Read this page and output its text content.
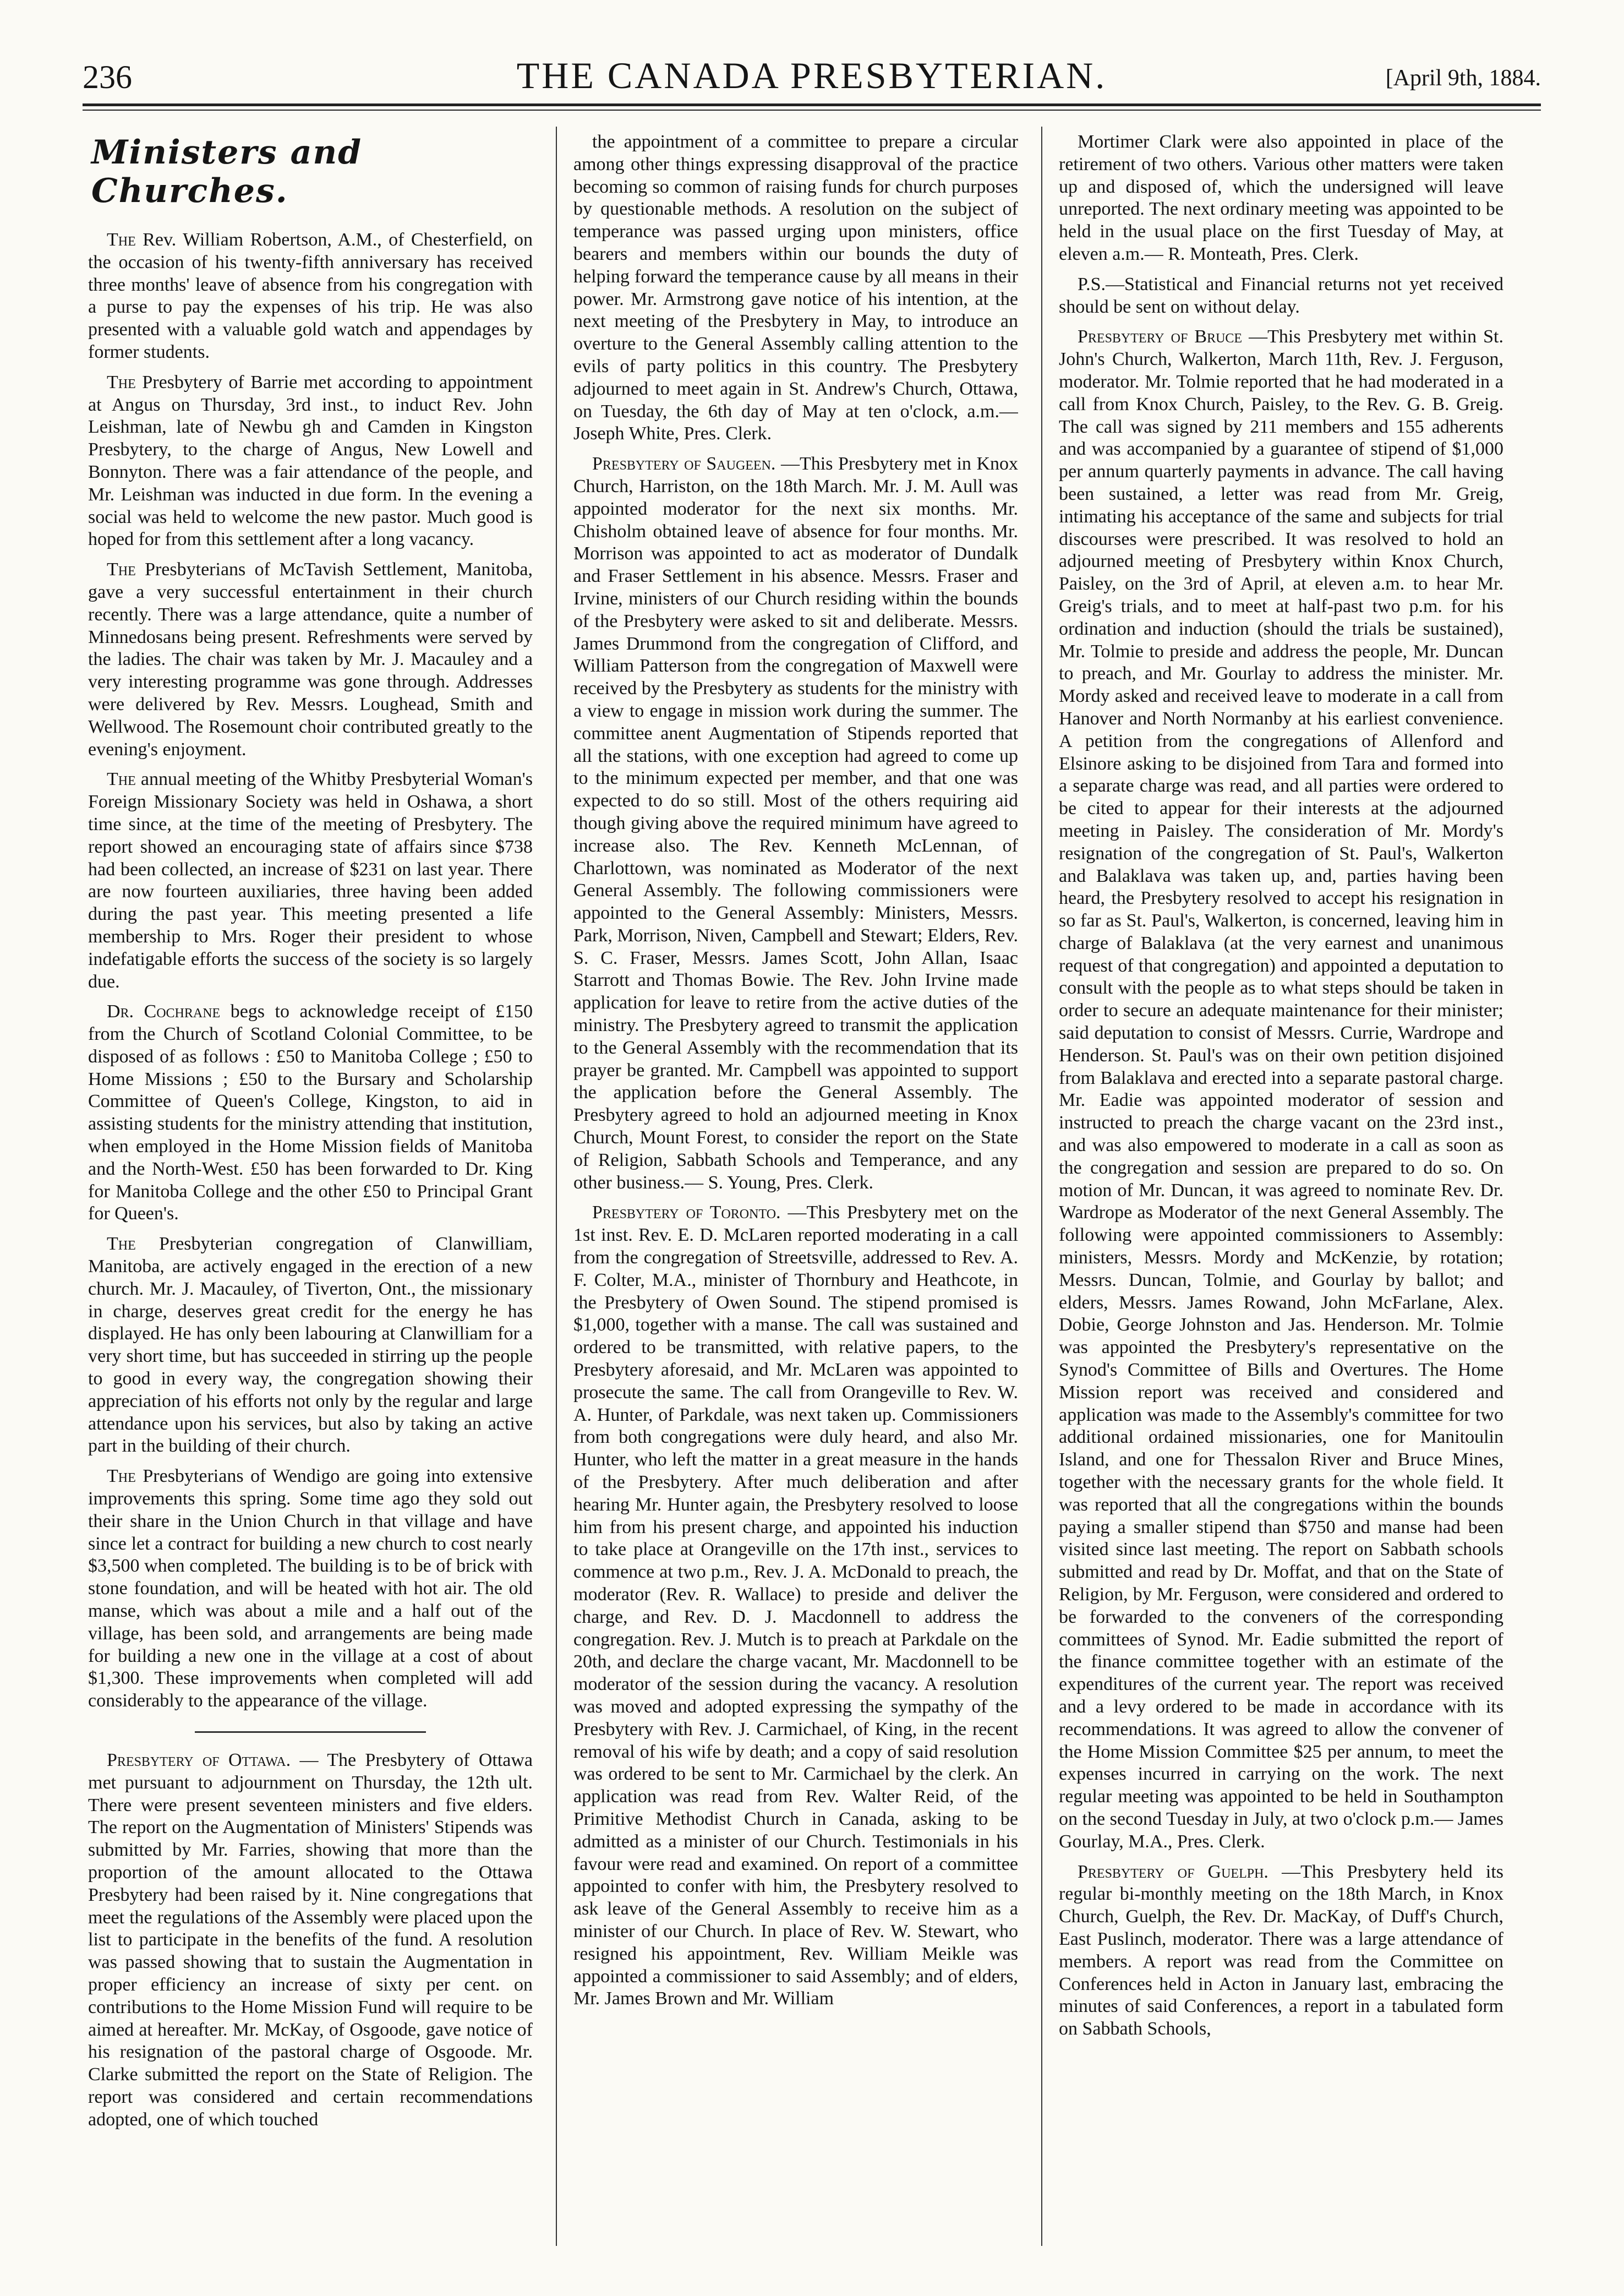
236	THE CANADA PRESBYTERIAN.	[April 9th, 1884.
Ministers and Churches.

The Rev. William Robertson, A.M., of Chesterfield, on the occasion of his twenty-fifth anniversary has received three months' leave of absence from his congregation with a purse to pay the expenses of his trip. He was also presented with a valuable gold watch and appendages by former students.

The Presbytery of Barrie met according to appointment at Angus on Thursday, 3rd inst., to induct Rev. John Leishman, late of Newbu gh and Camden in Kingston Presbytery, to the charge of Angus, New Lowell and Bonnyton. There was a fair attendance of the people, and Mr. Leishman was inducted in due form. In the evening a social was held to welcome the new pastor. Much good is hoped for from this settlement after a long vacancy.

The Presbyterians of McTavish Settlement, Manitoba, gave a very successful entertainment in their church recently. There was a large attendance, quite a number of Minnedosans being present. Refreshments were served by the ladies. The chair was taken by Mr. J. Macauley and a very interesting programme was gone through. Addresses were delivered by Rev. Messrs. Loughead, Smith and Wellwood. The Rosemount choir contributed greatly to the evening's enjoyment.

The annual meeting of the Whitby Presbyterial Woman's Foreign Missionary Society was held in Oshawa, a short time since, at the time of the meeting of Presbytery. The report showed an encouraging state of affairs since $738 had been collected, an increase of $231 on last year. There are now fourteen auxiliaries, three having been added during the past year. This meeting presented a life membership to Mrs. Roger their president to whose indefatigable efforts the success of the society is so largely due.

Dr. Cochrane begs to acknowledge receipt of £150 from the Church of Scotland Colonial Committee, to be disposed of as follows : £50 to Manitoba College ; £50 to Home Missions ; £50 to the Bursary and Scholarship Committee of Queen's College, Kingston, to aid in assisting students for the ministry attending that institution, when employed in the Home Mission fields of Manitoba and the North-West. £50 has been forwarded to Dr. King for Manitoba College and the other £50 to Principal Grant for Queen's.

The Presbyterian congregation of Clanwilliam, Manitoba, are actively engaged in the erection of a new church. Mr. J. Macauley, of Tiverton, Ont., the missionary in charge, deserves great credit for the energy he has displayed. He has only been labouring at Clanwilliam for a very short time, but has succeeded in stirring up the people to good in every way, the congregation showing their appreciation of his efforts not only by the regular and large attendance upon his services, but also by taking an active part in the building of their church.

The Presbyterians of Wendigo are going into extensive improvements this spring. Some time ago they sold out their share in the Union Church in that village and have since let a contract for building a new church to cost nearly $3,500 when completed. The building is to be of brick with stone foundation, and will be heated with hot air. The old manse, which was about a mile and a half out of the village, has been sold, and arrangements are being made for building a new one in the village at a cost of about $1,300. These improvements when completed will add considerably to the appearance of the village.

Presbytery of Ottawa. — The Presbytery of Ottawa met pursuant to adjournment on Thursday, the 12th ult. There were present seventeen ministers and five elders. The report on the Augmentation of Ministers' Stipends was submitted by Mr. Farries, showing that more than the proportion of the amount allocated to the Ottawa Presbytery had been raised by it. Nine congregations that meet the regulations of the Assembly were placed upon the list to participate in the benefits of the fund. A resolution was passed showing that to sustain the Augmentation in proper efficiency an increase of sixty per cent. on contributions to the Home Mission Fund will require to be aimed at hereafter. Mr. McKay, of Osgoode, gave notice of his resignation of the pastoral charge of Osgoode. Mr. Clarke submitted the report on the State of Religion. The report was considered and certain recommendations adopted, one of which touched

the appointment of a committee to prepare a circular among other things expressing disapproval of the practice becoming so common of raising funds for church purposes by questionable methods. A resolution on the subject of temperance was passed urging upon ministers, office bearers and members within our bounds the duty of helping forward the temperance cause by all means in their power. Mr. Armstrong gave notice of his intention, at the next meeting of the Presbytery in May, to introduce an overture to the General Assembly calling attention to the evils of party politics in this country. The Presbytery adjourned to meet again in St. Andrew's Church, Ottawa, on Tuesday, the 6th day of May at ten o'clock, a.m.— Joseph White, Pres. Clerk.

Presbytery of Saugeen. —This Presbytery met in Knox Church, Harriston, on the 18th March. Mr. J. M. Aull was appointed moderator for the next six months. Mr. Chisholm obtained leave of absence for four months. Mr. Morrison was appointed to act as moderator of Dundalk and Fraser Settlement in his absence. Messrs. Fraser and Irvine, ministers of our Church residing within the bounds of the Presbytery were asked to sit and deliberate. Messrs. James Drummond from the congregation of Clifford, and William Patterson from the congregation of Maxwell were received by the Presbytery as students for the ministry with a view to engage in mission work during the summer. The committee anent Augmentation of Stipends reported that all the stations, with one exception had agreed to come up to the minimum expected per member, and that one was expected to do so still. Most of the others requiring aid though giving above the required minimum have agreed to increase also. The Rev. Kenneth McLennan, of Charlottown, was nominated as Moderator of the next General Assembly. The following commissioners were appointed to the General Assembly: Ministers, Messrs. Park, Morrison, Niven, Campbell and Stewart; Elders, Rev. S. C. Fraser, Messrs. James Scott, John Allan, Isaac Starrott and Thomas Bowie. The Rev. John Irvine made application for leave to retire from the active duties of the ministry. The Presbytery agreed to transmit the application to the General Assembly with the recommendation that its prayer be granted. Mr. Campbell was appointed to support the application before the General Assembly. The Presbytery agreed to hold an adjourned meeting in Knox Church, Mount Forest, to consider the report on the State of Religion, Sabbath Schools and Temperance, and any other business.— S. Young, Pres. Clerk.

Presbytery of Toronto. —This Presbytery met on the 1st inst. Rev. E. D. McLaren reported moderating in a call from the congregation of Streetsville, addressed to Rev. A. F. Colter, M.A., minister of Thornbury and Heathcote, in the Presbytery of Owen Sound. The stipend promised is $1,000, together with a manse. The call was sustained and ordered to be transmitted, with relative papers, to the Presbytery aforesaid, and Mr. McLaren was appointed to prosecute the same. The call from Orangeville to Rev. W. A. Hunter, of Parkdale, was next taken up. Commissioners from both congregations were duly heard, and also Mr. Hunter, who left the matter in a great measure in the hands of the Presbytery. After much deliberation and after hearing Mr. Hunter again, the Presbytery resolved to loose him from his present charge, and appointed his induction to take place at Orangeville on the 17th inst., services to commence at two p.m., Rev. J. A. McDonald to preach, the moderator (Rev. R. Wallace) to preside and deliver the charge, and Rev. D. J. Macdonnell to address the congregation. Rev. J. Mutch is to preach at Parkdale on the 20th, and declare the charge vacant, Mr. Macdonnell to be moderator of the session during the vacancy. A resolution was moved and adopted expressing the sympathy of the Presbytery with Rev. J. Carmichael, of King, in the recent removal of his wife by death; and a copy of said resolution was ordered to be sent to Mr. Carmichael by the clerk. An application was read from Rev. Walter Reid, of the Primitive Methodist Church in Canada, asking to be admitted as a minister of our Church. Testimonials in his favour were read and examined. On report of a committee appointed to confer with him, the Presbytery resolved to ask leave of the General Assembly to receive him as a minister of our Church. In place of Rev. W. Stewart, who resigned his appointment, Rev. William Meikle was appointed a commissioner to said Assembly; and of elders, Mr. James Brown and Mr. William

Mortimer Clark were also appointed in place of the retirement of two others. Various other matters were taken up and disposed of, which the undersigned will leave unreported. The next ordinary meeting was appointed to be held in the usual place on the first Tuesday of May, at eleven a.m.— R. Monteath, Pres. Clerk.

P.S.—Statistical and Financial returns not yet received should be sent on without delay.

Presbytery of Bruce —This Presbytery met within St. John's Church, Walkerton, March 11th, Rev. J. Ferguson, moderator. Mr. Tolmie reported that he had moderated in a call from Knox Church, Paisley, to the Rev. G. B. Greig. The call was signed by 211 members and 155 adherents and was accompanied by a guarantee of stipend of $1,000 per annum quarterly payments in advance. The call having been sustained, a letter was read from Mr. Greig, intimating his acceptance of the same and subjects for trial discourses were prescribed. It was resolved to hold an adjourned meeting of Presbytery within Knox Church, Paisley, on the 3rd of April, at eleven a.m. to hear Mr. Greig's trials, and to meet at half-past two p.m. for his ordination and induction (should the trials be sustained), Mr. Tolmie to preside and address the people, Mr. Duncan to preach, and Mr. Gourlay to address the minister. Mr. Mordy asked and received leave to moderate in a call from Hanover and North Normanby at his earliest convenience. A petition from the congregations of Allenford and Elsinore asking to be disjoined from Tara and formed into a separate charge was read, and all parties were ordered to be cited to appear for their interests at the adjourned meeting in Paisley. The consideration of Mr. Mordy's resignation of the congregation of St. Paul's, Walkerton and Balaklava was taken up, and, parties having been heard, the Presbytery resolved to accept his resignation in so far as St. Paul's, Walkerton, is concerned, leaving him in charge of Balaklava (at the very earnest and unanimous request of that congregation) and appointed a deputation to consult with the people as to what steps should be taken in order to secure an adequate maintenance for their minister; said deputation to consist of Messrs. Currie, Wardrope and Henderson. St. Paul's was on their own petition disjoined from Balaklava and erected into a separate pastoral charge. Mr. Eadie was appointed moderator of session and instructed to preach the charge vacant on the 23rd inst., and was also empowered to moderate in a call as soon as the congregation and session are prepared to do so. On motion of Mr. Duncan, it was agreed to nominate Rev. Dr. Wardrope as Moderator of the next General Assembly. The following were appointed commissioners to Assembly: ministers, Messrs. Mordy and McKenzie, by rotation; Messrs. Duncan, Tolmie, and Gourlay by ballot; and elders, Messrs. James Rowand, John McFarlane, Alex. Dobie, George Johnston and Jas. Henderson. Mr. Tolmie was appointed the Presbytery's representative on the Synod's Committee of Bills and Overtures. The Home Mission report was received and considered and application was made to the Assembly's committee for two additional ordained missionaries, one for Manitoulin Island, and one for Thessalon River and Bruce Mines, together with the necessary grants for the whole field. It was reported that all the congregations within the bounds paying a smaller stipend than $750 and manse had been visited since last meeting. The report on Sabbath schools submitted and read by Dr. Moffat, and that on the State of Religion, by Mr. Ferguson, were considered and ordered to be forwarded to the conveners of the corresponding committees of Synod. Mr. Eadie submitted the report of the finance committee together with an estimate of the expenditures of the current year. The report was received and a levy ordered to be made in accordance with its recommendations. It was agreed to allow the convener of the Home Mission Committee $25 per annum, to meet the expenses incurred in carrying on the work. The next regular meeting was appointed to be held in Southampton on the second Tuesday in July, at two o'clock p.m.— James Gourlay, M.A., Pres. Clerk.

Presbytery of Guelph. —This Presbytery held its regular bi-monthly meeting on the 18th March, in Knox Church, Guelph, the Rev. Dr. MacKay, of Duff's Church, East Puslinch, moderator. There was a large attendance of members. A report was read from the Committee on Conferences held in Acton in January last, embracing the minutes of said Conferences, a report in a tabulated form on Sabbath Schools,
